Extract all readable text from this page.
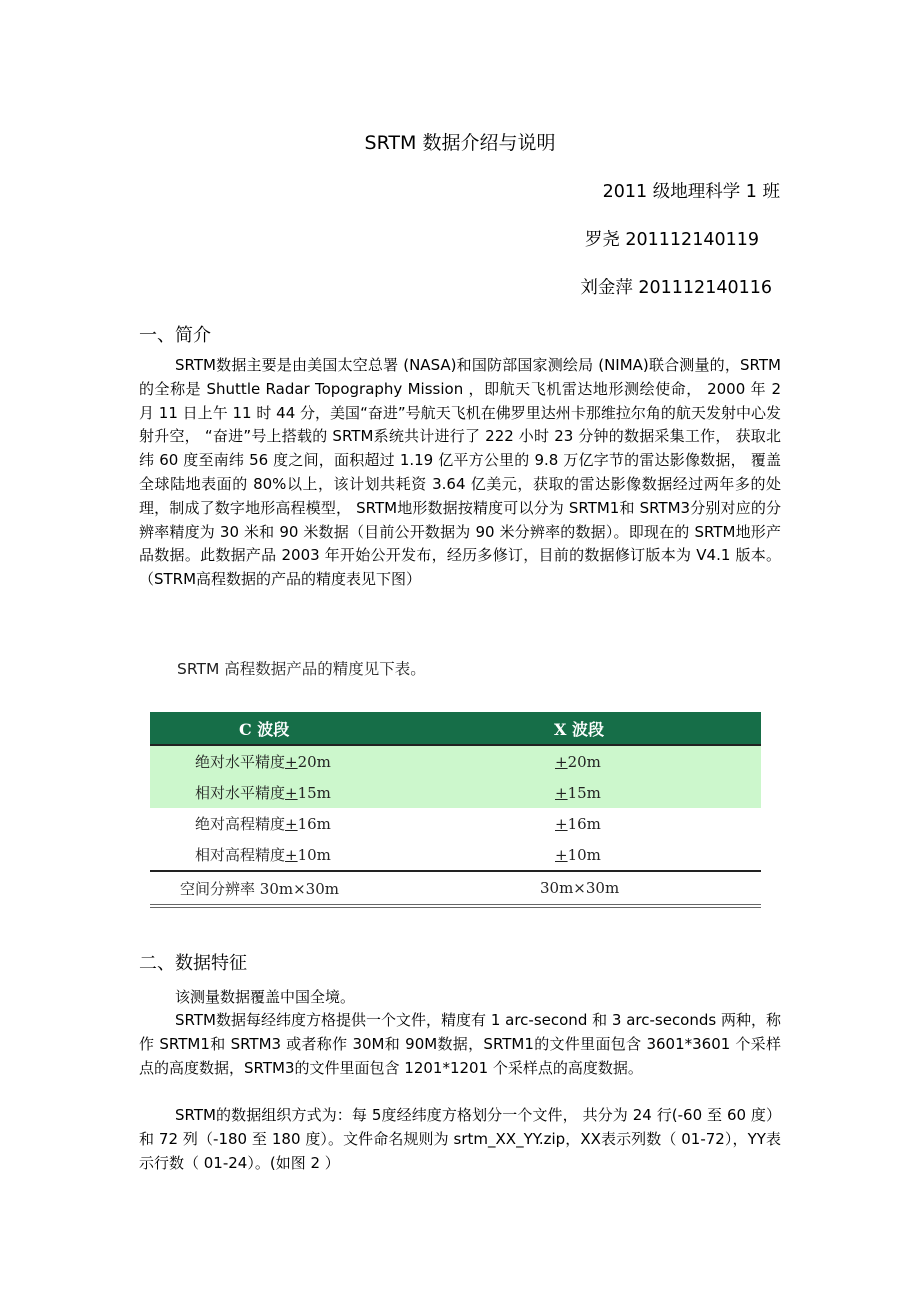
SRTM 数据介绍与说明
2011 级地理科学 1 班
罗尧 201112140119
刘金萍 201112140116
一、简介

SRTM数据主要是由美国太空总署 (NASA)和国防部国家测绘局 (NIMA)联合测量的，SRTM的全称是 Shuttle Radar Topography Mission ，即航天飞机雷达地形测绘使命， 2000 年 2 月 11 日上午 11 时 44 分，美国“奋进”号航天飞机在佛罗里达州卡那维拉尔角的航天发射中心发射升空， “奋进”号上搭载的 SRTM系统共计进行了 222 小时 23 分钟的数据采集工作， 获取北纬 60 度至南纬 56 度之间，面积超过 1.19 亿平方公里的 9.8 万亿字节的雷达影像数据， 覆盖全球陆地表面的 80%以上，该计划共耗资 3.64 亿美元，获取的雷达影像数据经过两年多的处理，制成了数字地形高程模型， SRTM地形数据按精度可以分为 SRTM1和 SRTM3分别对应的分辨率精度为 30 米和 90 米数据（目前公开数据为 90 米分辨率的数据）。即现在的 SRTM地形产品数据。此数据产品 2003 年开始公开发布，经历多修订，目前的数据修订版本为 V4.1 版本。（STRM高程数据的产品的精度表见下图）

SRTM 高程数据产品的精度见下表。
C 波段	X 波段
绝对水平精度+20m	+20m
相对水平精度+15m	+15m
绝对高程精度+16m	+16m
相对高程精度+10m	+10m
空间分辨率 30m×30m	30m×30m
二、数据特征

该测量数据覆盖中国全境。

SRTM数据每经纬度方格提供一个文件，精度有 1 arc-second 和 3 arc-seconds 两种，称作 SRTM1和 SRTM3 或者称作 30M和 90M数据，SRTM1的文件里面包含 3601*3601 个采样点的高度数据，SRTM3的文件里面包含 1201*1201 个采样点的高度数据。

SRTM的数据组织方式为：每 5度经纬度方格划分一个文件， 共分为 24 行(-60 至 60 度）和 72 列（-180 至 180 度）。文件命名规则为 srtm_XX_YY.zip，XX表示列数（ 01-72），YY表示行数（ 01-24）。(如图 2 ）
